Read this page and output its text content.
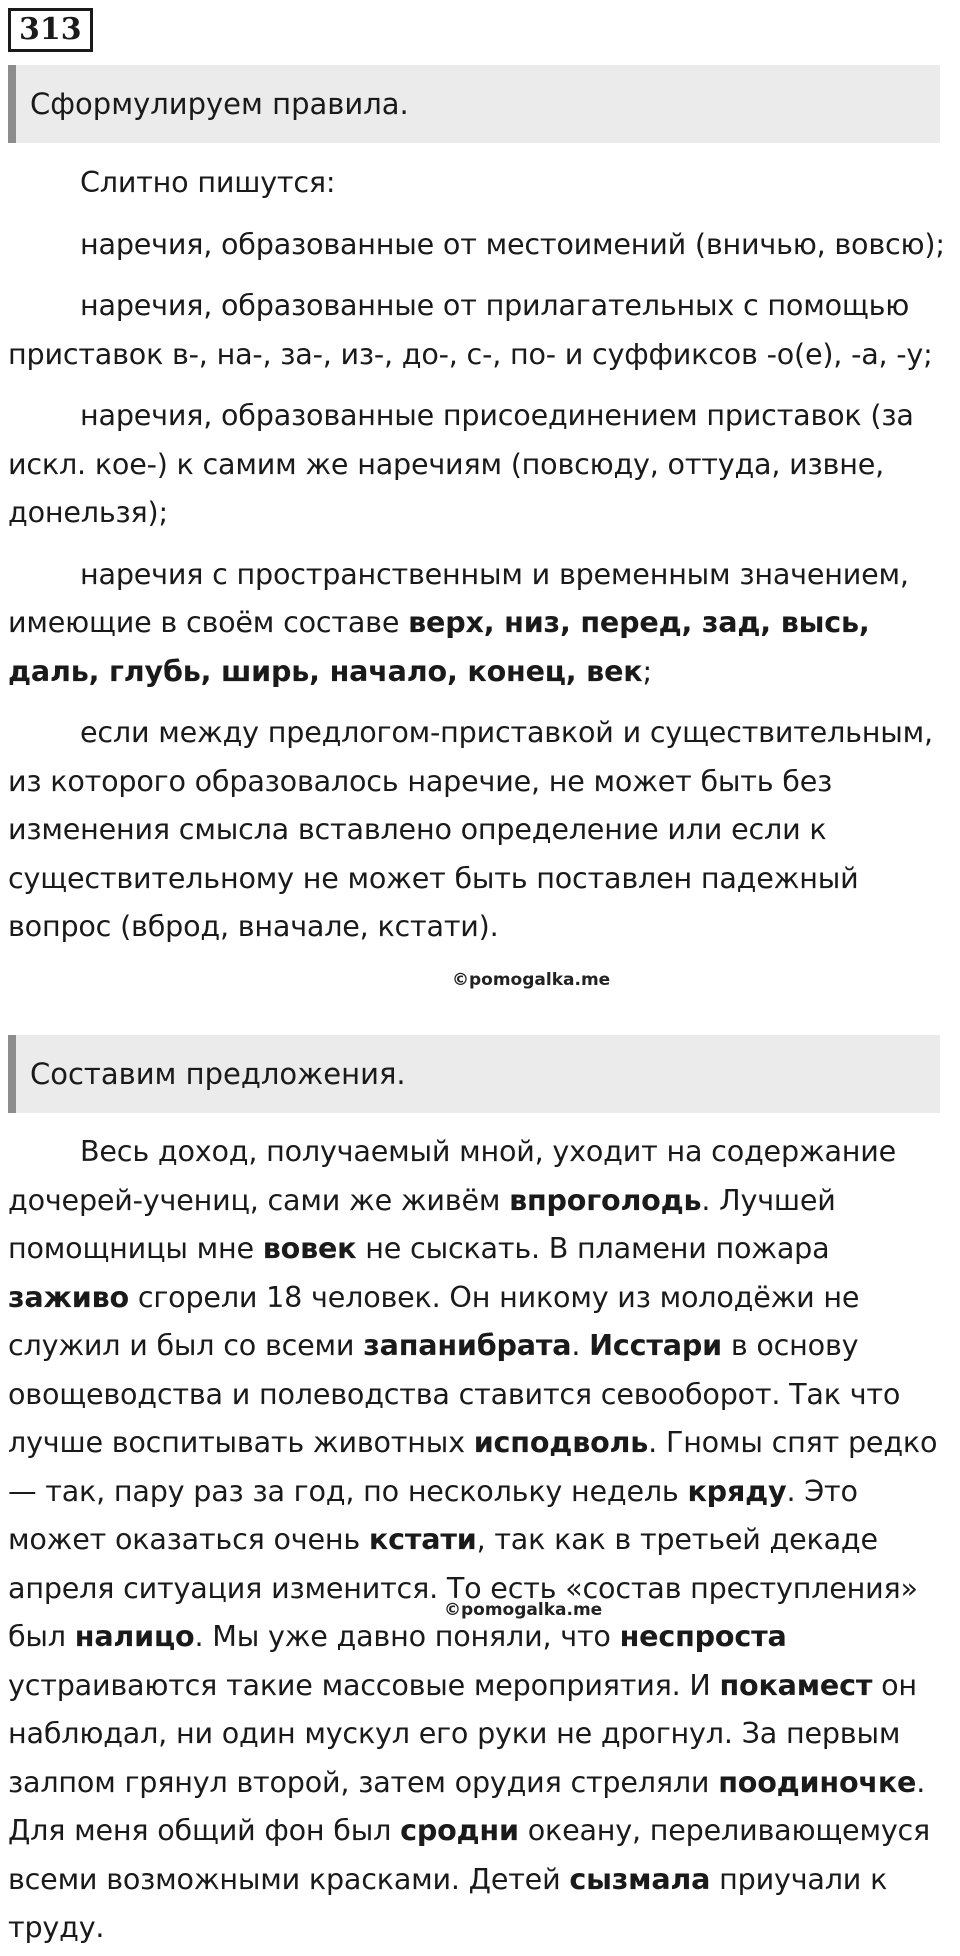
313
Сформулируем правила.

Слитно пишутся:

наречия, образованные от местоимений (вничью, вовсю);

наречия, образованные от прилагательных с помощью приставок в-, на-, за-, из-, до-, с-, по- и суффиксов -о(е), -а, -у;

наречия, образованные присоединением приставок (за искл. кое-) к самим же наречиям (повсюду, оттуда, извне, донельзя);

наречия с пространственным и временным значением, имеющие в своём составе верх, низ, перед, зад, высь, даль, глубь, ширь, начало, конец, век;

если между предлогом-приставкой и существительным, из которого образовалось наречие, не может быть без изменения смысла вставлено определение или если к существительному не может быть поставлен падежный вопрос (вброд, вначале, кстати).

©pomogalka.me
Составим предложения.

Весь доход, получаемый мной, уходит на содержание дочерей-учениц, сами же живём впроголодь. Лучшей помощницы мне вовек не сыскать. В пламени пожара заживо сгорели 18 человек. Он никому из молодёжи не служил и был со всеми запанибрата. Исстари в основу овощеводства и полеводства ставится севооборот. Так что лучше воспитывать животных исподволь. Гномы спят редко — так, пару раз за год, по нескольку недель кряду. Это может оказаться очень кстати, так как в третьей декаде апреля ситуация изменится. То есть «состав преступления» был налицо. Мы уже давно поняли, что неспроста устраиваются такие массовые мероприятия. И покамест он наблюдал, ни один мускул его руки не дрогнул. За первым залпом грянул второй, затем орудия стреляли поодиночке. Для меня общий фон был сродни океану, переливающемуся всеми возможными красками. Детей сызмала приучали к труду.

©pomogalka.me
